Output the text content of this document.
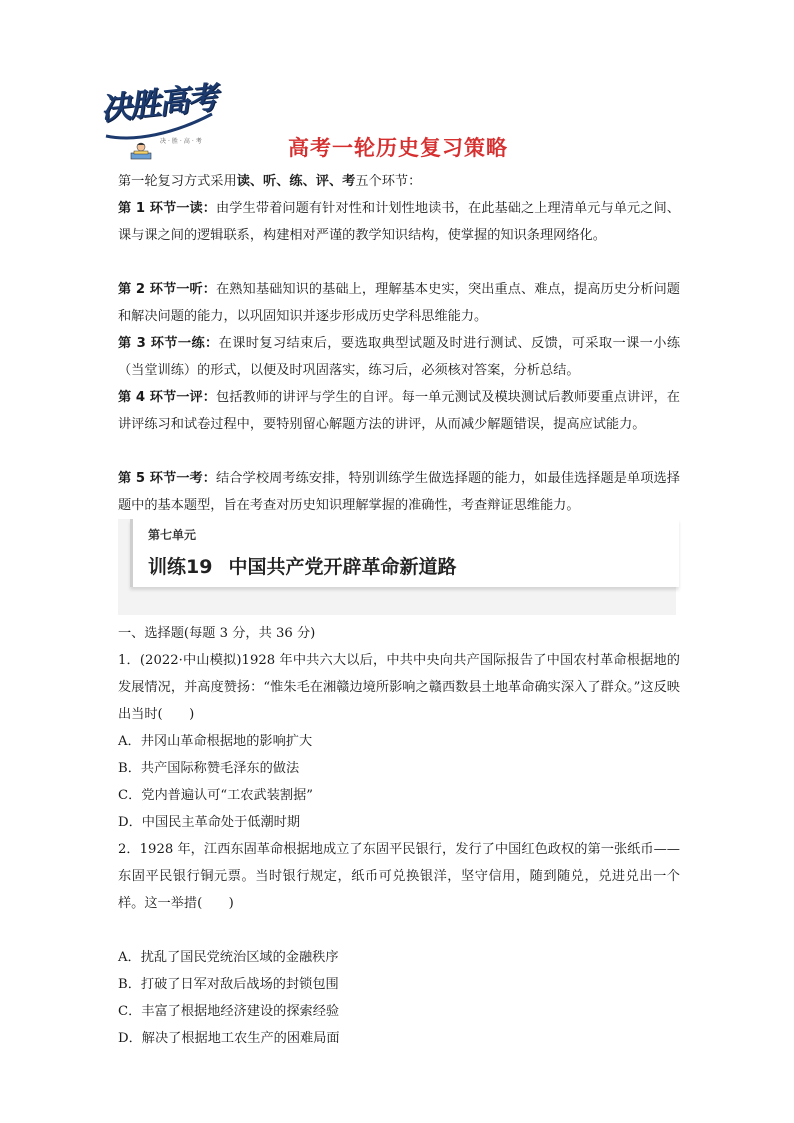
决胜高考
决·胜·高·考	高考一轮历史复习策略
第一轮复习方式采用读、听、练、评、考五个环节：
第 1 环节一读：由学生带着问题有针对性和计划性地读书，在此基础之上理清单元与单元之间、课与课之间的逻辑联系，构建相对严谨的教学知识结构，使掌握的知识条理网络化。
第 2 环节一听：在熟知基础知识的基础上，理解基本史实，突出重点、难点，提高历史分析问题和解决问题的能力，以巩固知识并逐步形成历史学科思维能力。
第 3 环节一练：在课时复习结束后，要选取典型试题及时进行测试、反馈，可采取一课一小练（当堂训练）的形式，以便及时巩固落实，练习后，必须核对答案，分析总结。
第 4 环节一评：包括教师的讲评与学生的自评。每一单元测试及模块测试后教师要重点讲评，在讲评练习和试卷过程中，要特别留心解题方法的讲评，从而减少解题错误，提高应试能力。
第 5 环节一考：结合学校周考练安排，特别训练学生做选择题的能力，如最佳选择题是单项选择题中的基本题型，旨在考查对历史知识理解掌握的准确性，考查辩证思维能力。
第七单元
训练19 中国共产党开辟革命新道路
一、选择题(每题 3 分，共 36 分)
1．(2022·中山模拟)1928 年中共六大以后，中共中央向共产国际报告了中国农村革命根据地的发展情况，并高度赞扬：“惟朱毛在湘赣边境所影响之赣西数县土地革命确实深入了群众。”这反映出当时(　　)
A．井冈山革命根据地的影响扩大
B．共产国际称赞毛泽东的做法
C．党内普遍认可“工农武装割据”
D．中国民主革命处于低潮时期
2．1928 年，江西东固革命根据地成立了东固平民银行，发行了中国红色政权的第一张纸币——东固平民银行铜元票。当时银行规定，纸币可兑换银洋，坚守信用，随到随兑，兑进兑出一个样。这一举措(　　)
A．扰乱了国民党统治区域的金融秩序
B．打破了日军对敌后战场的封锁包围
C．丰富了根据地经济建设的探索经验
D．解决了根据地工农生产的困难局面
